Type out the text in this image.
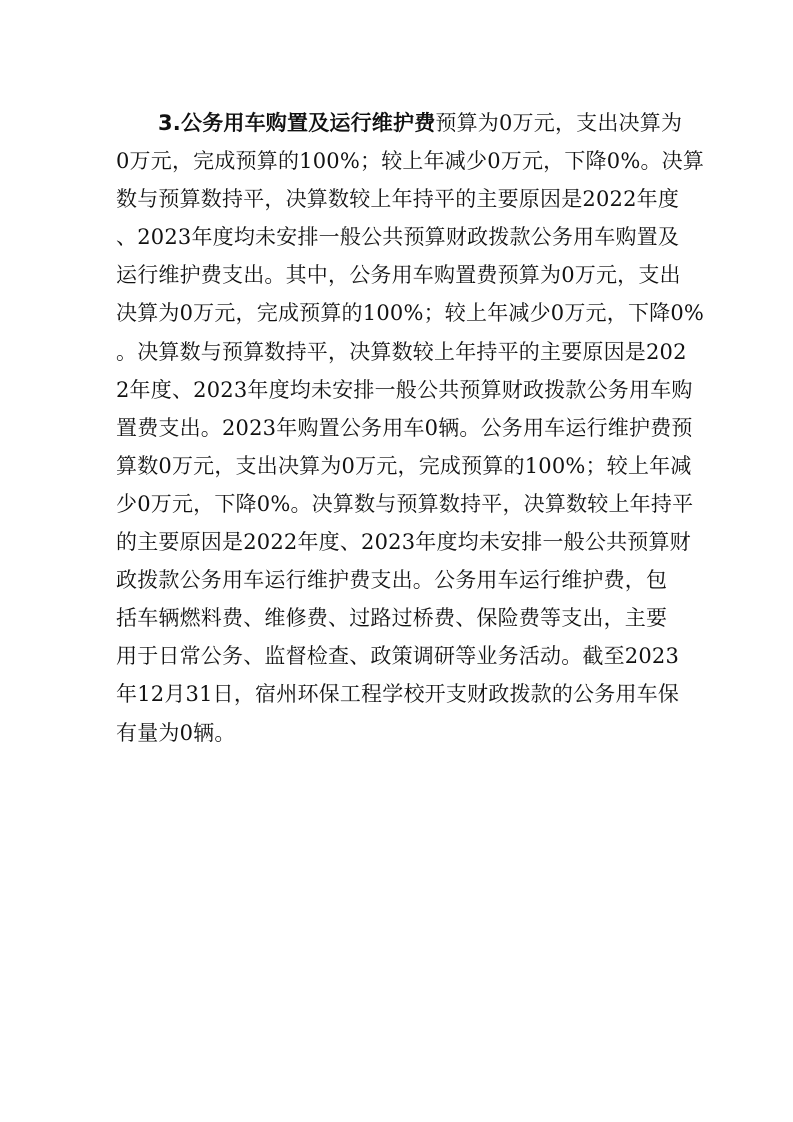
3.公务用车购置及运行维护费预算为0万元，支出决算为
0万元，完成预算的100%；较上年减少0万元，下降0%。决算
数与预算数持平，决算数较上年持平的主要原因是2022年度
、2023年度均未安排一般公共预算财政拨款公务用车购置及
运行维护费支出。其中，公务用车购置费预算为0万元，支出
决算为0万元，完成预算的100%；较上年减少0万元，下降0%
。决算数与预算数持平，决算数较上年持平的主要原因是202
2年度、2023年度均未安排一般公共预算财政拨款公务用车购
置费支出。2023年购置公务用车0辆。公务用车运行维护费预
算数0万元，支出决算为0万元，完成预算的100%；较上年减
少0万元，下降0%。决算数与预算数持平，决算数较上年持平
的主要原因是2022年度、2023年度均未安排一般公共预算财
政拨款公务用车运行维护费支出。公务用车运行维护费，包
括车辆燃料费、维修费、过路过桥费、保险费等支出，主要
用于日常公务、监督检查、政策调研等业务活动。截至2023
年12月31日，宿州环保工程学校开支财政拨款的公务用车保
有量为0辆。
